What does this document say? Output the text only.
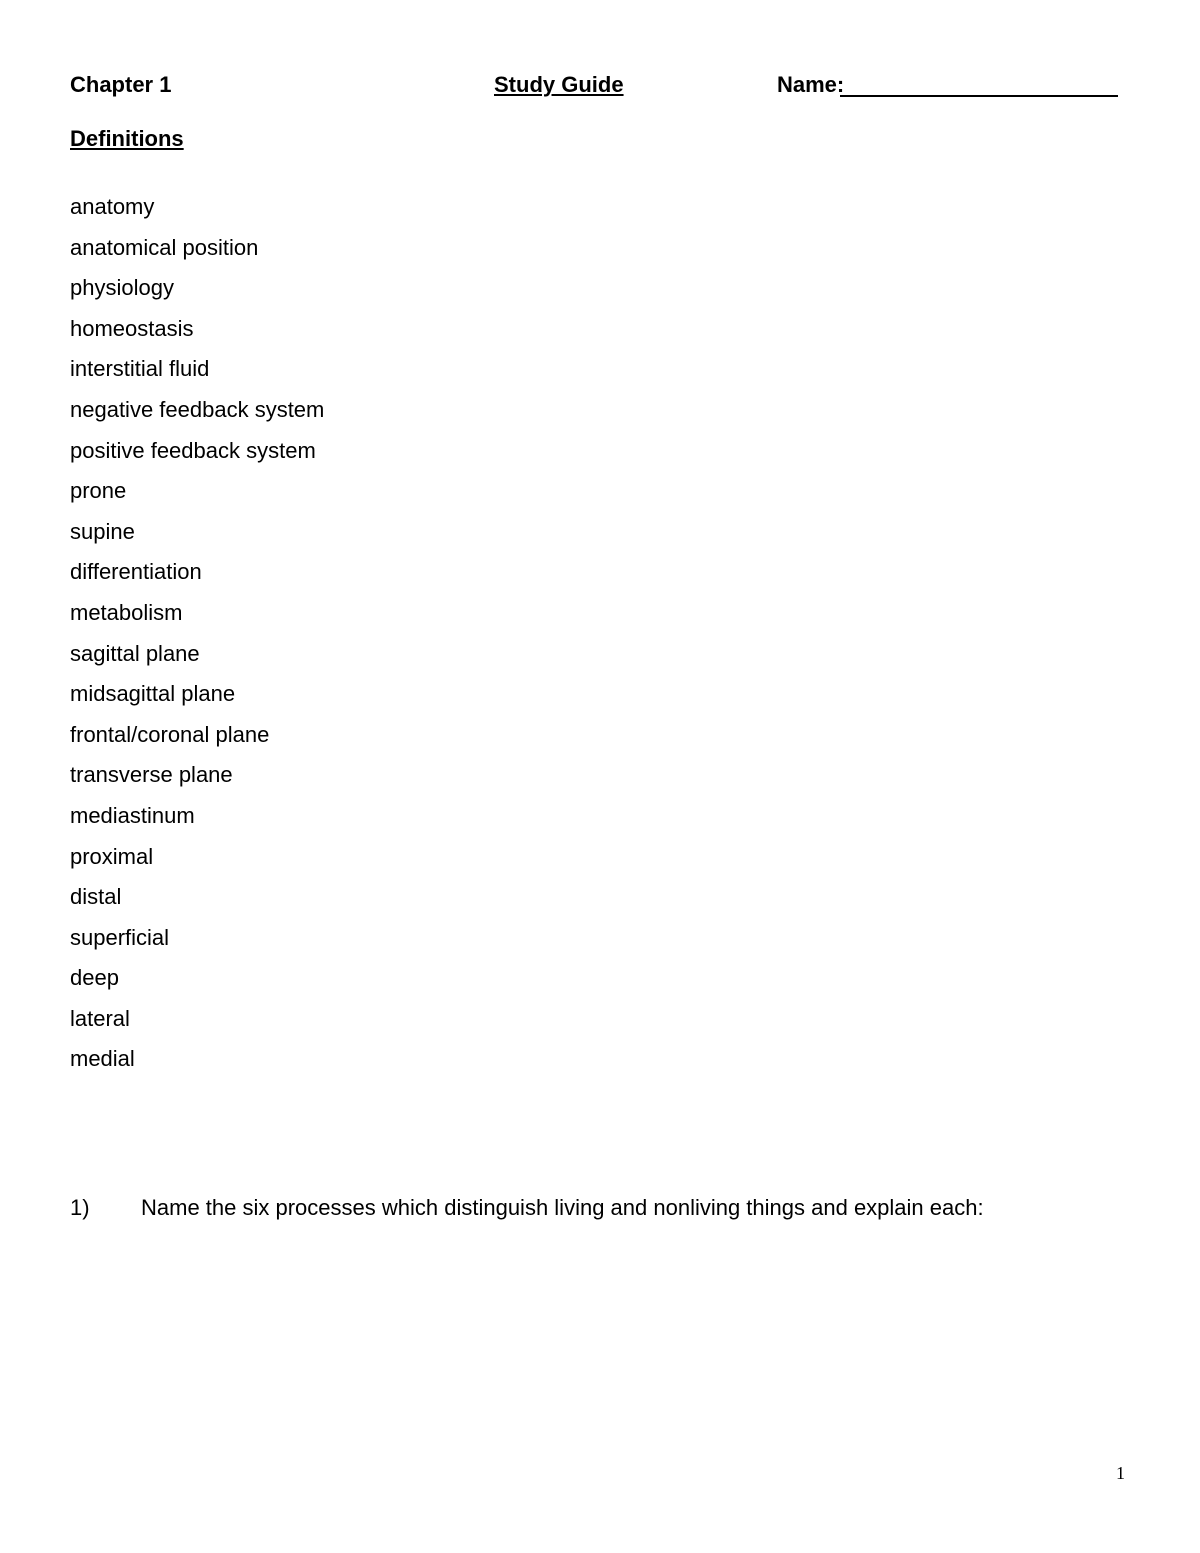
Chapter 1	Study Guide	Name:
Definitions
anatomy
anatomical position
physiology
homeostasis
interstitial fluid
negative feedback system
positive feedback system
prone
supine
differentiation
metabolism
sagittal plane
midsagittal plane
frontal/coronal plane
transverse plane
mediastinum
proximal
distal
superficial
deep
lateral
medial
1) Name the six processes which distinguish living and nonliving things and explain each:
1
